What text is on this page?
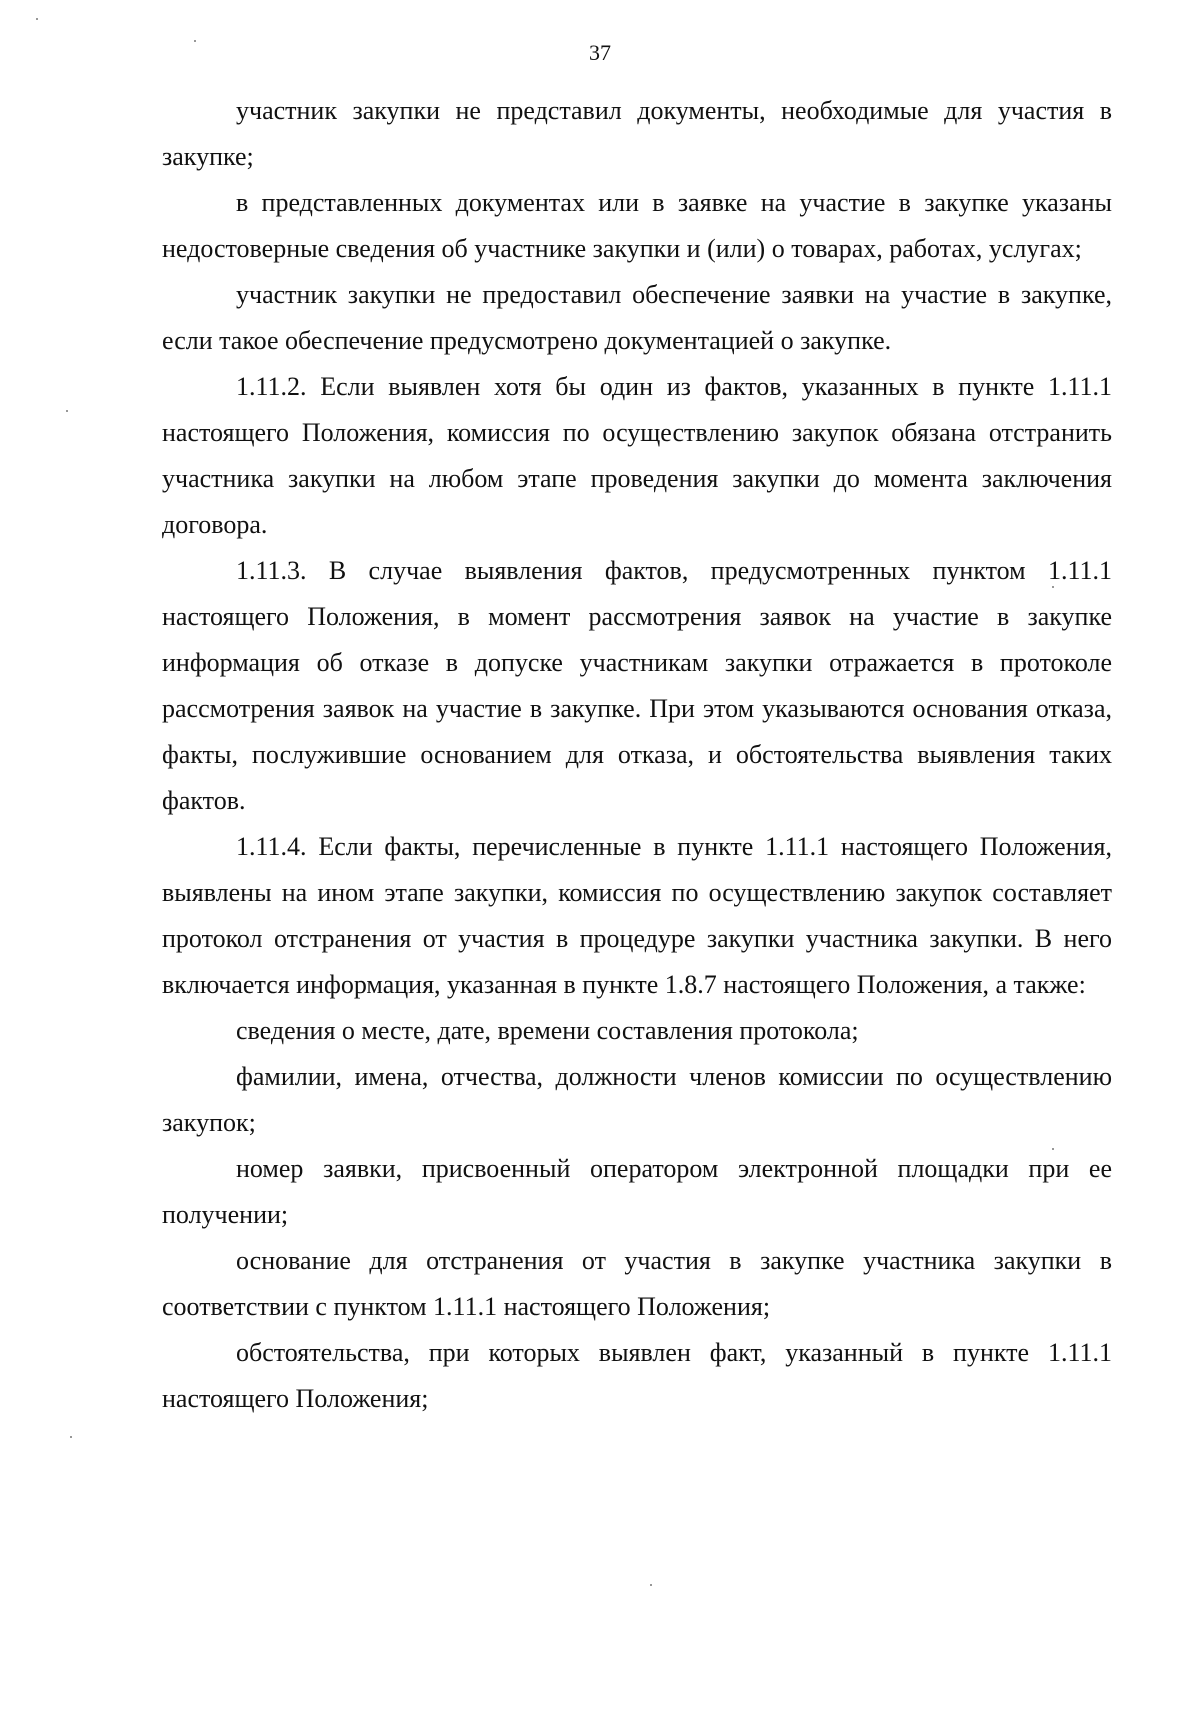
37

участник закупки не представил документы, необходимые для участия в закупке;

в представленных документах или в заявке на участие в закупке указаны недостоверные сведения об участнике закупки и (или) о товарах, работах, услугах;

участник закупки не предоставил обеспечение заявки на участие в закупке, если такое обеспечение предусмотрено документацией о закупке.

1.11.2. Если выявлен хотя бы один из фактов, указанных в пункте 1.11.1 настоящего Положения, комиссия по осуществлению закупок обязана отстранить участника закупки на любом этапе проведения закупки до момента заключения договора.

1.11.3. В случае выявления фактов, предусмотренных пунктом 1.11.1 настоящего Положения, в момент рассмотрения заявок на участие в закупке информация об отказе в допуске участникам закупки отражается в протоколе рассмотрения заявок на участие в закупке. При этом указываются основания отказа, факты, послужившие основанием для отказа, и обстоятельства выявления таких фактов.

1.11.4. Если факты, перечисленные в пункте 1.11.1 настоящего Положения, выявлены на ином этапе закупки, комиссия по осуществлению закупок составляет протокол отстранения от участия в процедуре закупки участника закупки. В него включается информация, указанная в пункте 1.8.7 настоящего Положения, а также:

сведения о месте, дате, времени составления протокола;

фамилии, имена, отчества, должности членов комиссии по осуществлению закупок;

номер заявки, присвоенный оператором электронной площадки при ее получении;

основание для отстранения от участия в закупке участника закупки в соответствии с пунктом 1.11.1 настоящего Положения;

обстоятельства, при которых выявлен факт, указанный в пункте 1.11.1 настоящего Положения;
